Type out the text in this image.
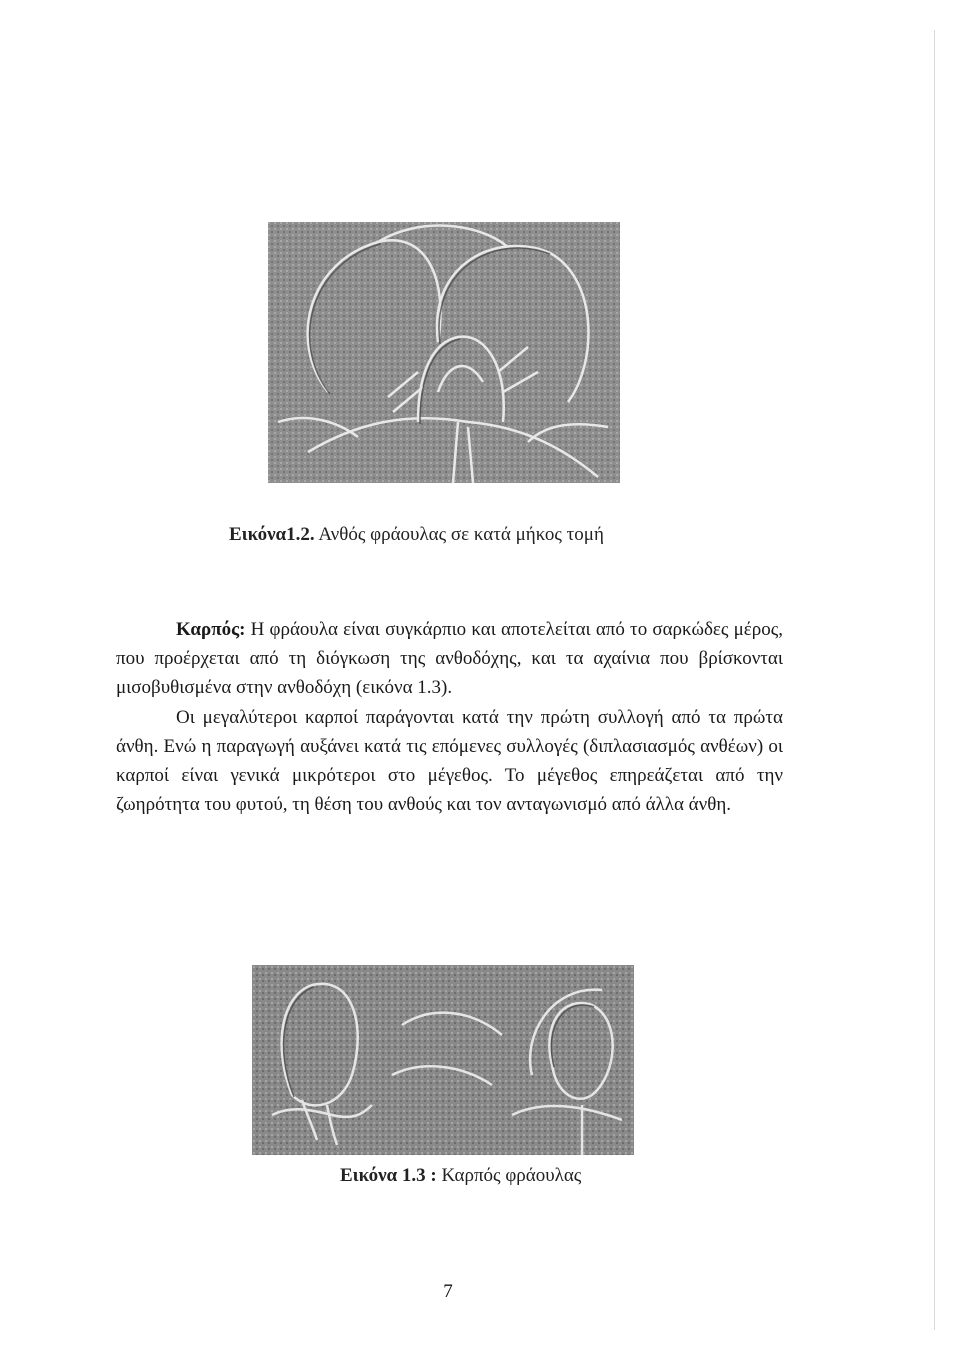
Εικόνα1.2. Ανθός φράουλας σε κατά μήκος τομή
Καρπός: Η φράουλα είναι συγκάρπιο και αποτελείται από το σαρκώδες μέρος, που προέρχεται από τη διόγκωση της ανθοδόχης, και τα αχαίνια που βρίσκονται μισοβυθισμένα στην ανθοδόχη (εικόνα 1.3).
Οι μεγαλύτεροι καρποί παράγονται κατά την πρώτη συλλογή από τα πρώτα άνθη. Ενώ η παραγωγή αυξάνει κατά τις επόμενες συλλογές (διπλασιασμός ανθέων) οι καρποί είναι γενικά μικρότεροι στο μέγεθος. Το μέγεθος επηρεάζεται από την ζωηρότητα του φυτού, τη θέση του ανθούς και τον ανταγωνισμό από άλλα άνθη.
Εικόνα 1.3 : Καρπός φράουλας
7
